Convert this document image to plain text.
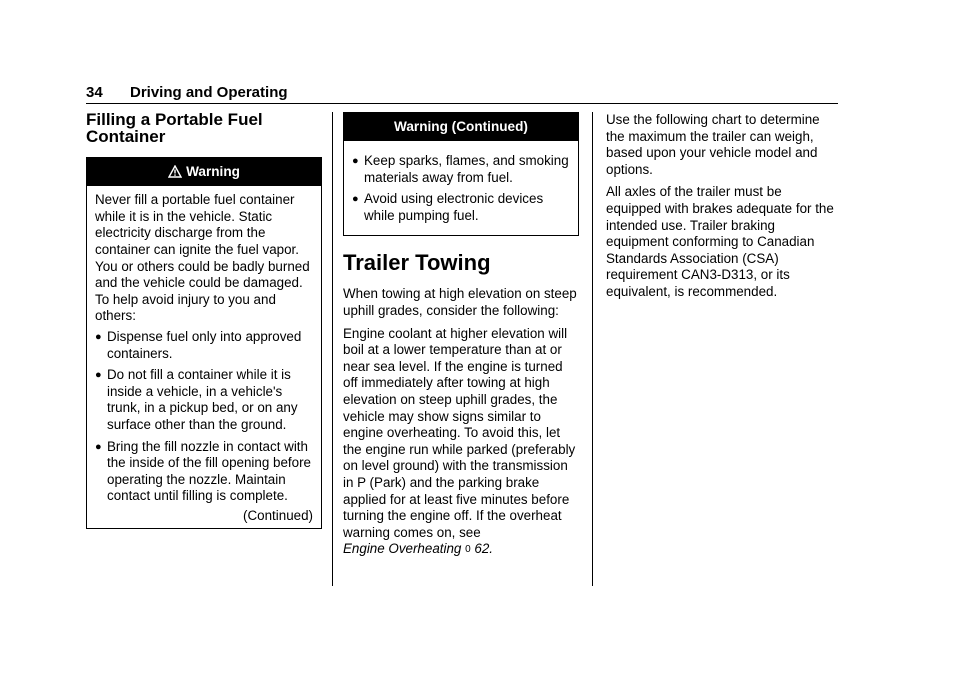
34 Driving and Operating
Filling a Portable Fuel Container
Warning

Never fill a portable fuel container while it is in the vehicle. Static electricity discharge from the container can ignite the fuel vapor. You or others could be badly burned and the vehicle could be damaged. To help avoid injury to you and others:

● Dispense fuel only into approved containers.
● Do not fill a container while it is inside a vehicle, in a vehicle's trunk, in a pickup bed, or on any surface other than the ground.
● Bring the fill nozzle in contact with the inside of the fill opening before operating the nozzle. Maintain contact until filling is complete.
(Continued)
Warning (Continued)
● Keep sparks, flames, and smoking materials away from fuel.
● Avoid using electronic devices while pumping fuel.
Trailer Towing

When towing at high elevation on steep uphill grades, consider the following:

Engine coolant at higher elevation will boil at a lower temperature than at or near sea level. If the engine is turned off immediately after towing at high elevation on steep uphill grades, the vehicle may show signs similar to engine overheating. To avoid this, let the engine run while parked (preferably on level ground) with the transmission in P (Park) and the parking brake applied for at least five minutes before turning the engine off. If the overheat warning comes on, see
Engine Overheating 0 62.

Use the following chart to determine the maximum the trailer can weigh, based upon your vehicle model and options.

All axles of the trailer must be equipped with brakes adequate for the intended use. Trailer braking equipment conforming to Canadian Standards Association (CSA) requirement CAN3-D313, or its equivalent, is recommended.
